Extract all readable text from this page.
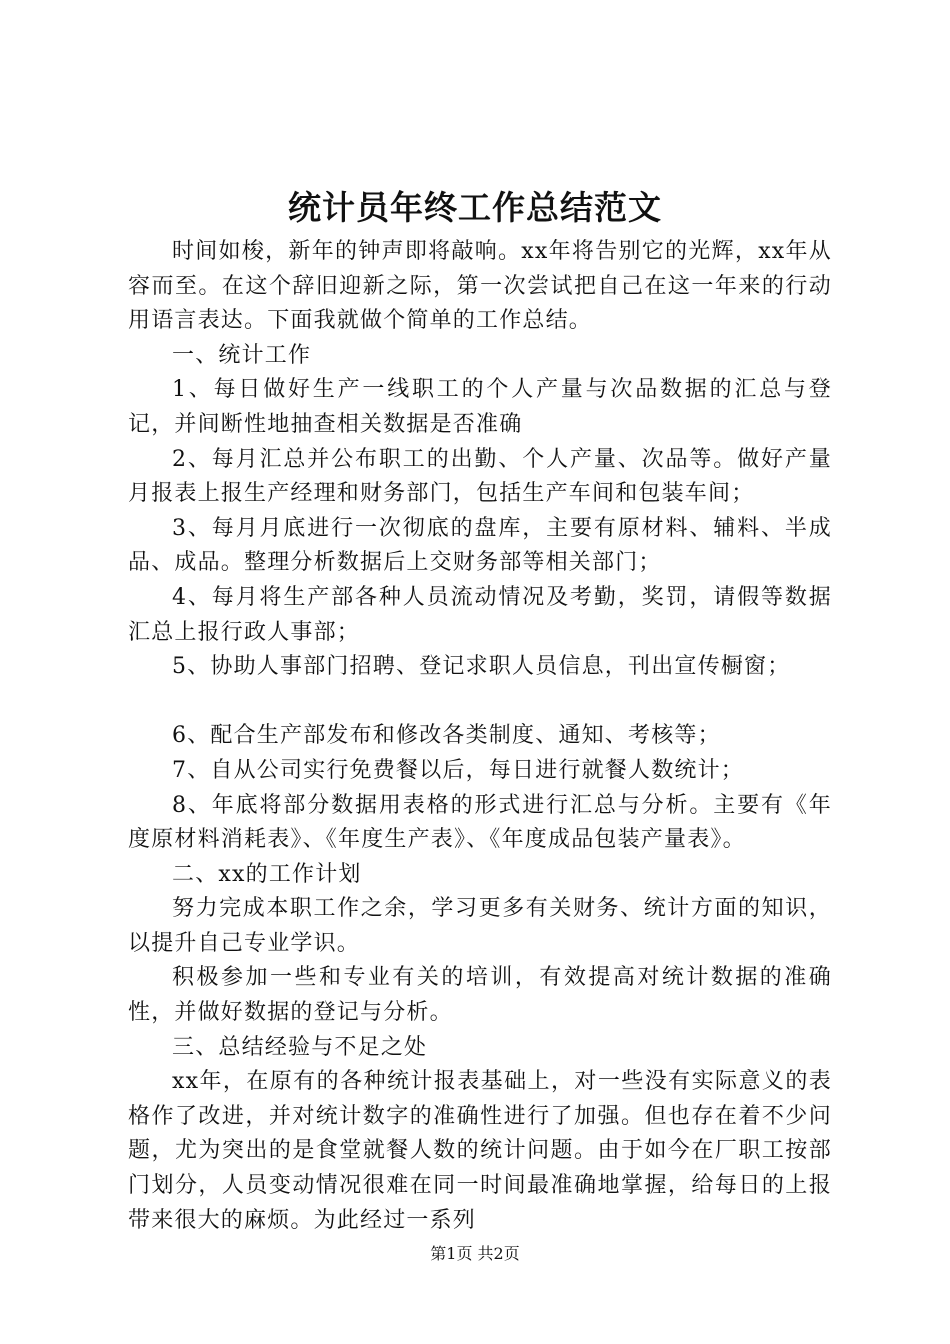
统计员年终工作总结范文

时间如梭，新年的钟声即将敲响。xx年将告别它的光辉，xx年从容而至。在这个辞旧迎新之际，第一次尝试把自己在这一年来的行动用语言表达。下面我就做个简单的工作总结。

一、统计工作

1、每日做好生产一线职工的个人产量与次品数据的汇总与登记，并间断性地抽查相关数据是否准确

2、每月汇总并公布职工的出勤、个人产量、次品等。做好产量月报表上报生产经理和财务部门，包括生产车间和包装车间；

3、每月月底进行一次彻底的盘库，主要有原材料、辅料、半成品、成品。整理分析数据后上交财务部等相关部门；

4、每月将生产部各种人员流动情况及考勤，奖罚，请假等数据汇总上报行政人事部；

5、协助人事部门招聘、登记求职人员信息，刊出宣传橱窗；

6、配合生产部发布和修改各类制度、通知、考核等；

7、自从公司实行免费餐以后，每日进行就餐人数统计；

8、年底将部分数据用表格的形式进行汇总与分析。主要有《年度原材料消耗表》、《年度生产表》、《年度成品包装产量表》。

二、xx的工作计划

努力完成本职工作之余，学习更多有关财务、统计方面的知识，以提升自己专业学识。

积极参加一些和专业有关的培训，有效提高对统计数据的准确性，并做好数据的登记与分析。

三、总结经验与不足之处

xx年，在原有的各种统计报表基础上，对一些没有实际意义的表格作了改进，并对统计数字的准确性进行了加强。但也存在着不少问题，尤为突出的是食堂就餐人数的统计问题。由于如今在厂职工按部门划分，人员变动情况很难在同一时间最准确地掌握，给每日的上报带来很大的麻烦。为此经过一系列

第1页 共2页
